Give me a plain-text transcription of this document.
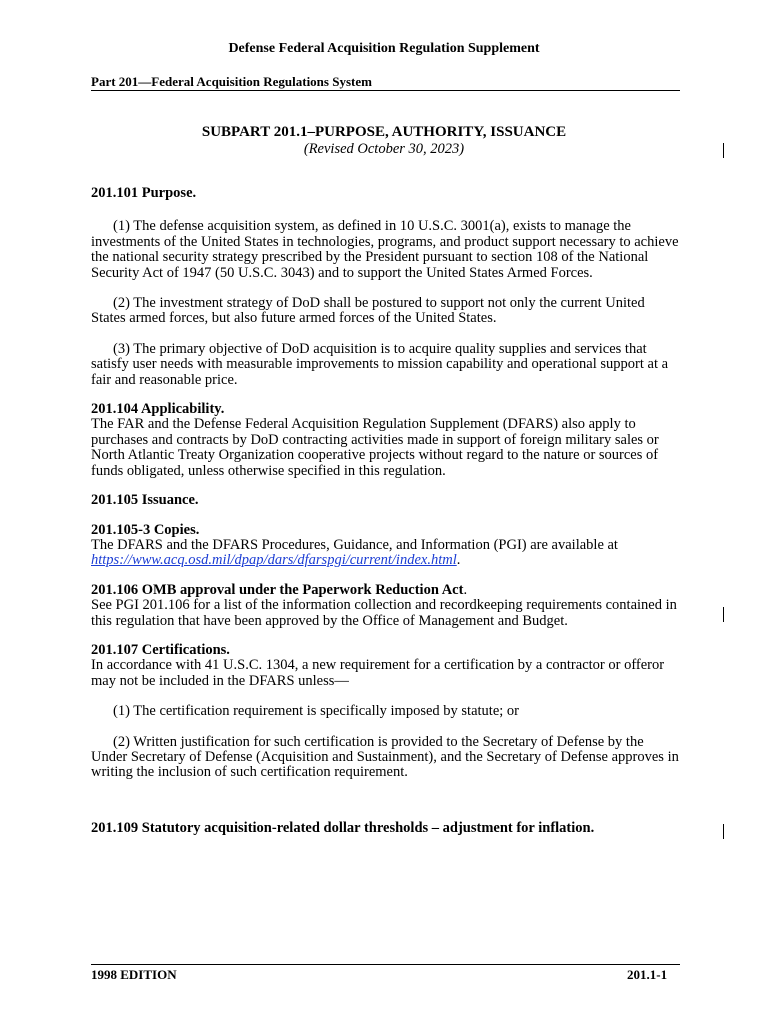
Defense Federal Acquisition Regulation Supplement
Part 201—Federal Acquisition Regulations System
SUBPART 201.1–PURPOSE, AUTHORITY, ISSUANCE
(Revised October 30, 2023)

201.101 Purpose.

(1) The defense acquisition system, as defined in 10 U.S.C. 3001(a), exists to manage the investments of the United States in technologies, programs, and product support necessary to achieve the national security strategy prescribed by the President pursuant to section 108 of the National Security Act of 1947 (50 U.S.C. 3043) and to support the United States Armed Forces.

(2) The investment strategy of DoD shall be postured to support not only the current United States armed forces, but also future armed forces of the United States.

(3) The primary objective of DoD acquisition is to acquire quality supplies and services that satisfy user needs with measurable improvements to mission capability and operational support at a fair and reasonable price.

201.104 Applicability.

The FAR and the Defense Federal Acquisition Regulation Supplement (DFARS) also apply to purchases and contracts by DoD contracting activities made in support of foreign military sales or North Atlantic Treaty Organization cooperative projects without regard to the nature or sources of funds obligated, unless otherwise specified in this regulation.

201.105 Issuance.

201.105-3 Copies.

The DFARS and the DFARS Procedures, Guidance, and Information (PGI) are available at https://www.acq.osd.mil/dpap/dars/dfarspgi/current/index.html.

201.106 OMB approval under the Paperwork Reduction Act.

See PGI 201.106 for a list of the information collection and recordkeeping requirements contained in this regulation that have been approved by the Office of Management and Budget.

201.107 Certifications.

In accordance with 41 U.S.C. 1304, a new requirement for a certification by a contractor or offeror may not be included in the DFARS unless—

(1) The certification requirement is specifically imposed by statute; or

(2) Written justification for such certification is provided to the Secretary of Defense by the Under Secretary of Defense (Acquisition and Sustainment), and the Secretary of Defense approves in writing the inclusion of such certification requirement.

201.109 Statutory acquisition-related dollar thresholds – adjustment for inflation.

1998 EDITION	201.1-1
